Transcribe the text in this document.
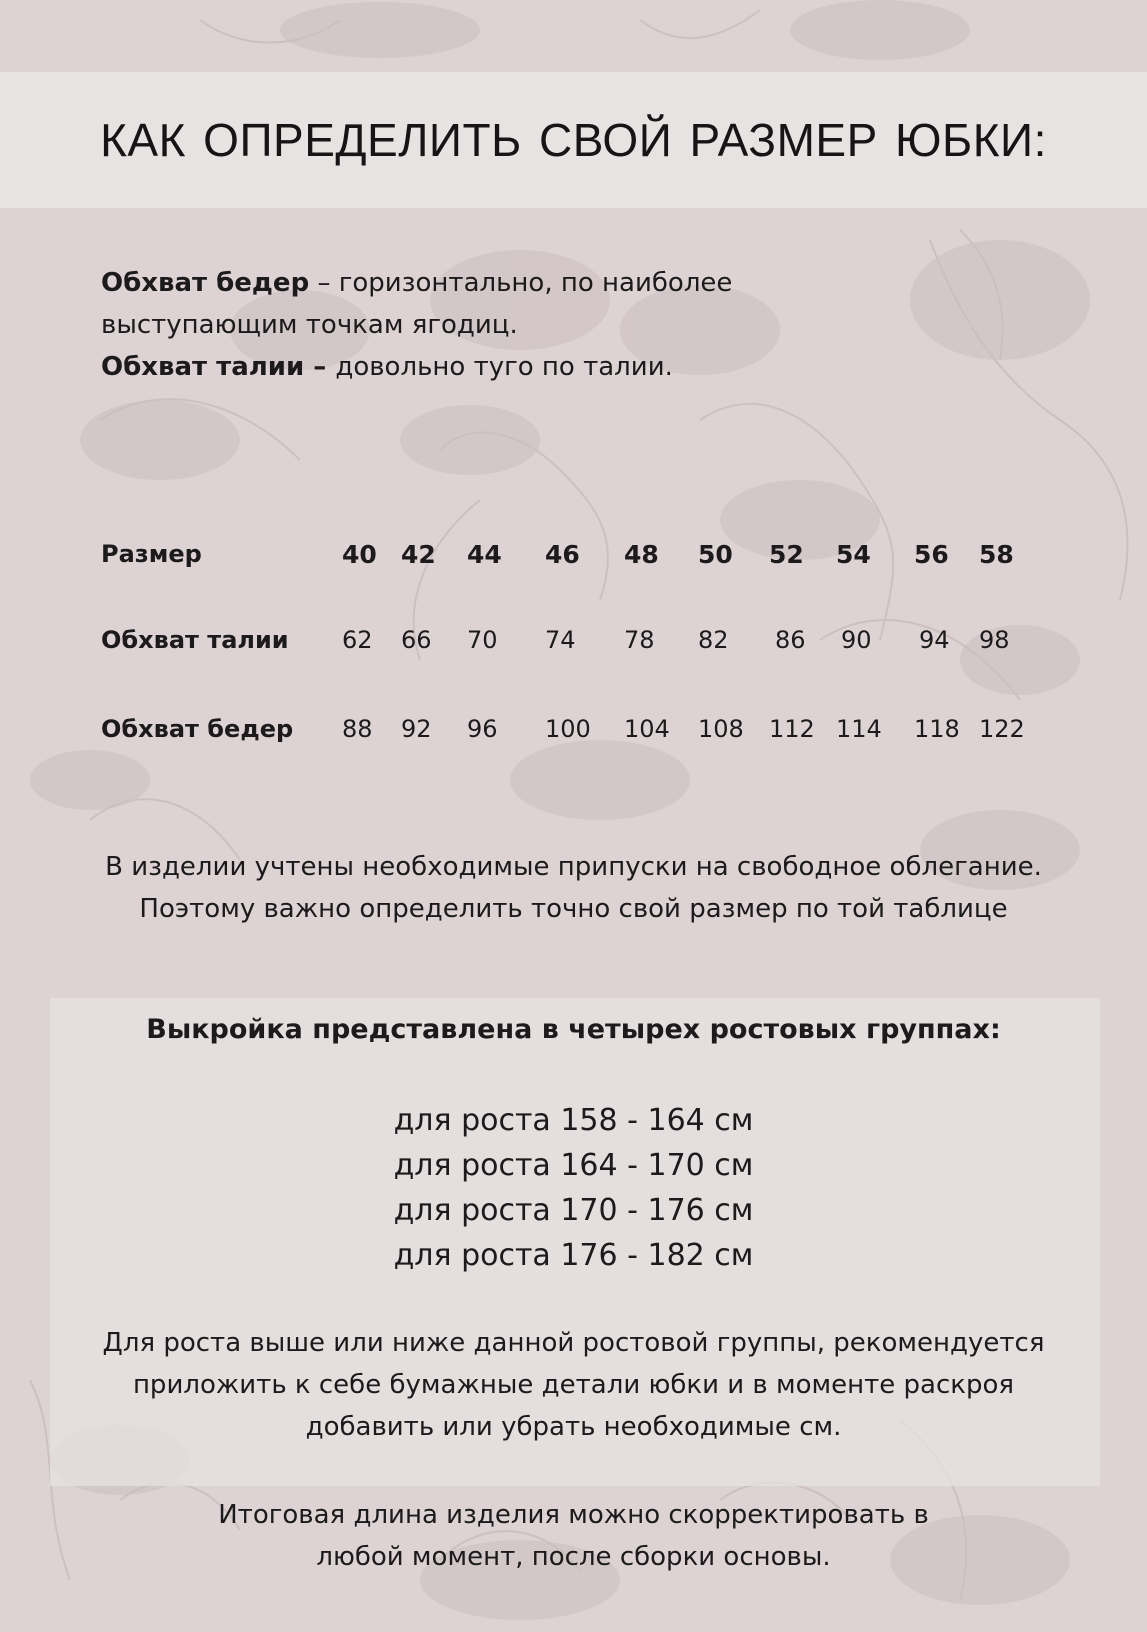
КАК ОПРЕДЕЛИТЬ СВОЙ РАЗМЕР ЮБКИ:

Обхват бедер – горизонтально, по наиболее

выступающим точкам ягодиц.

Обхват талии – довольно туго по талии.

Размер	40 42 44 46 48 50 52 54 56 58
Обхват талии 62 66 70 74 78 82 86 90 94 98
Обхват бедер 88 92 96 100 104 108 112 114 118 122

В изделии учтены необходимые припуски на свободное облегание.

Поэтому важно определить точно свой размер по той таблице

Выкройка представлена в четырех ростовых группах:
для роста 158 - 164 см
для роста 164 - 170 см
для роста 170 - 176 см
для роста 176 - 182 см

Для роста выше или ниже данной ростовой группы, рекомендуется

приложить к себе бумажные детали юбки и в моменте раскроя

добавить или убрать необходимые см.

Итоговая длина изделия можно скорректировать в

любой момент, после сборки основы.
